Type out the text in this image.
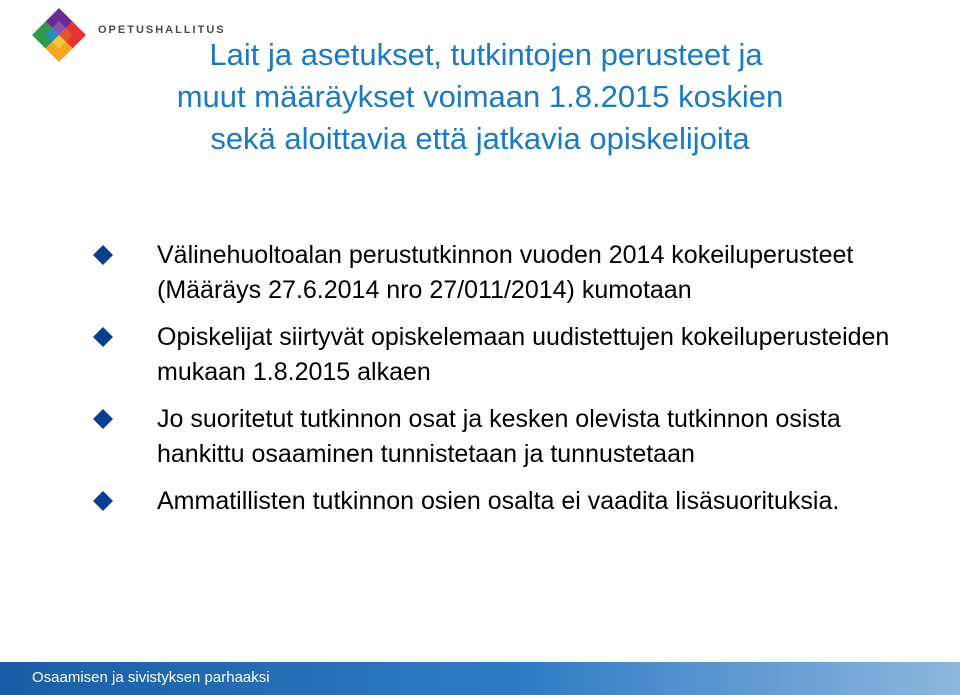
OPETUSHALLITUS
Lait ja asetukset, tutkintojen perusteet ja
muut määräykset voimaan 1.8.2015 koskien
sekä aloittavia että jatkavia opiskelijoita
Välinehuoltoalan perustutkinnon vuoden 2014 kokeiluperusteet (Määräys 27.6.2014 nro 27/011/2014) kumotaan
Opiskelijat siirtyvät opiskelemaan uudistettujen kokeiluperusteiden mukaan 1.8.2015 alkaen
Jo suoritetut tutkinnon osat ja kesken olevista tutkinnon osista hankittu osaaminen tunnistetaan ja tunnustetaan
Ammatillisten tutkinnon osien osalta ei vaadita lisäsuorituksia.
Osaamisen ja sivistyksen parhaaksi
